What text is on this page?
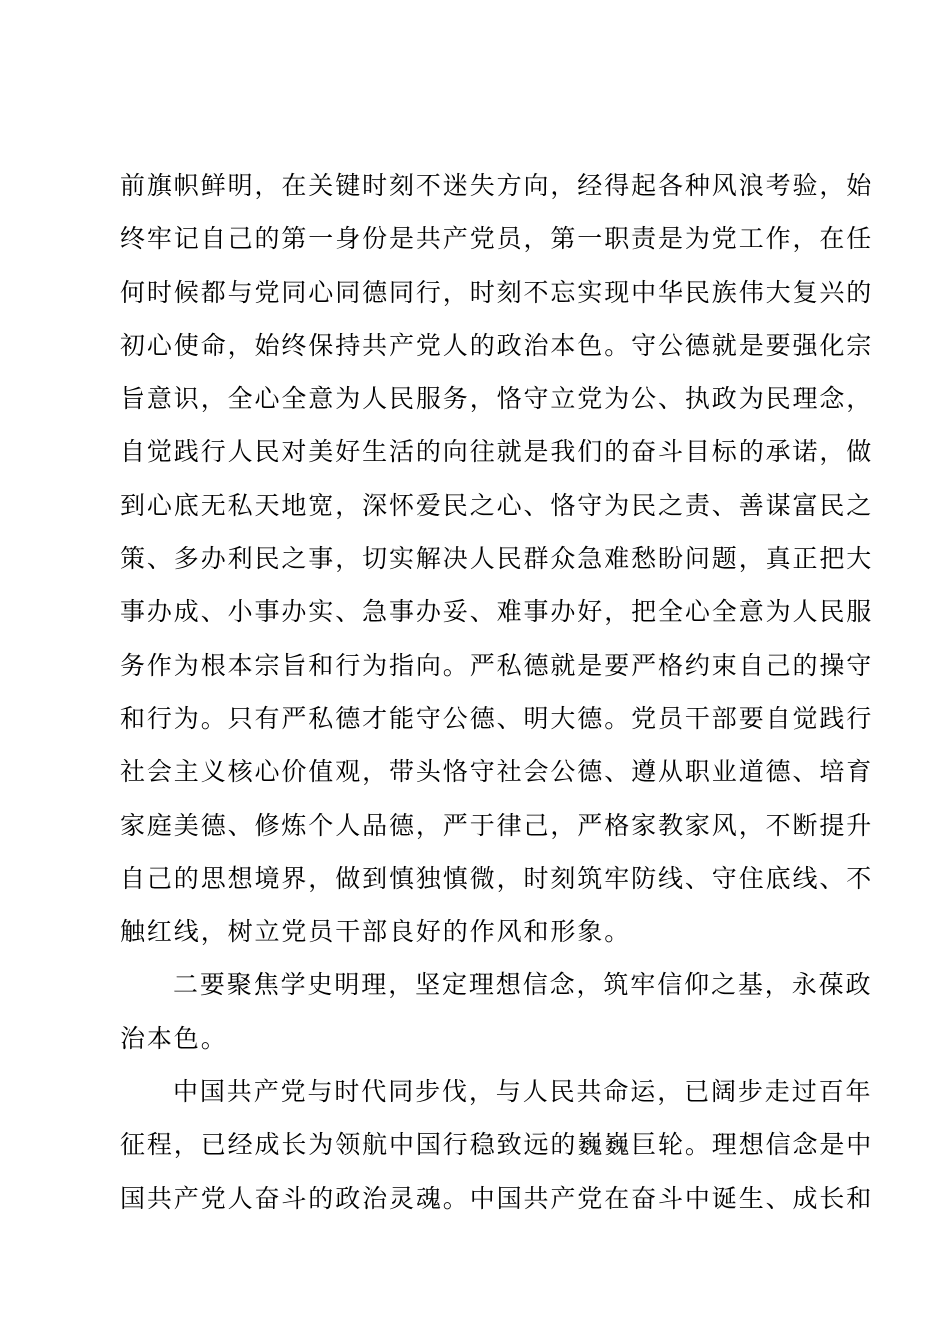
前旗帜鲜明，在关键时刻不迷失方向，经得起各种风浪考验，始
终牢记自己的第一身份是共产党员，第一职责是为党工作，在任
何时候都与党同心同德同行，时刻不忘实现中华民族伟大复兴的
初心使命，始终保持共产党人的政治本色。守公德就是要强化宗
旨意识，全心全意为人民服务，恪守立党为公、执政为民理念，
自觉践行人民对美好生活的向往就是我们的奋斗目标的承诺，做
到心底无私天地宽，深怀爱民之心、恪守为民之责、善谋富民之
策、多办利民之事，切实解决人民群众急难愁盼问题，真正把大
事办成、小事办实、急事办妥、难事办好，把全心全意为人民服
务作为根本宗旨和行为指向。严私德就是要严格约束自己的操守
和行为。只有严私德才能守公德、明大德。党员干部要自觉践行
社会主义核心价值观，带头恪守社会公德、遵从职业道德、培育
家庭美德、修炼个人品德，严于律己，严格家教家风，不断提升
自己的思想境界，做到慎独慎微，时刻筑牢防线、守住底线、不
触红线，树立党员干部良好的作风和形象。
二要聚焦学史明理，坚定理想信念，筑牢信仰之基，永葆政
治本色。
中国共产党与时代同步伐，与人民共命运，已阔步走过百年
征程，已经成长为领航中国行稳致远的巍巍巨轮。理想信念是中
国共产党人奋斗的政治灵魂。中国共产党在奋斗中诞生、成长和
